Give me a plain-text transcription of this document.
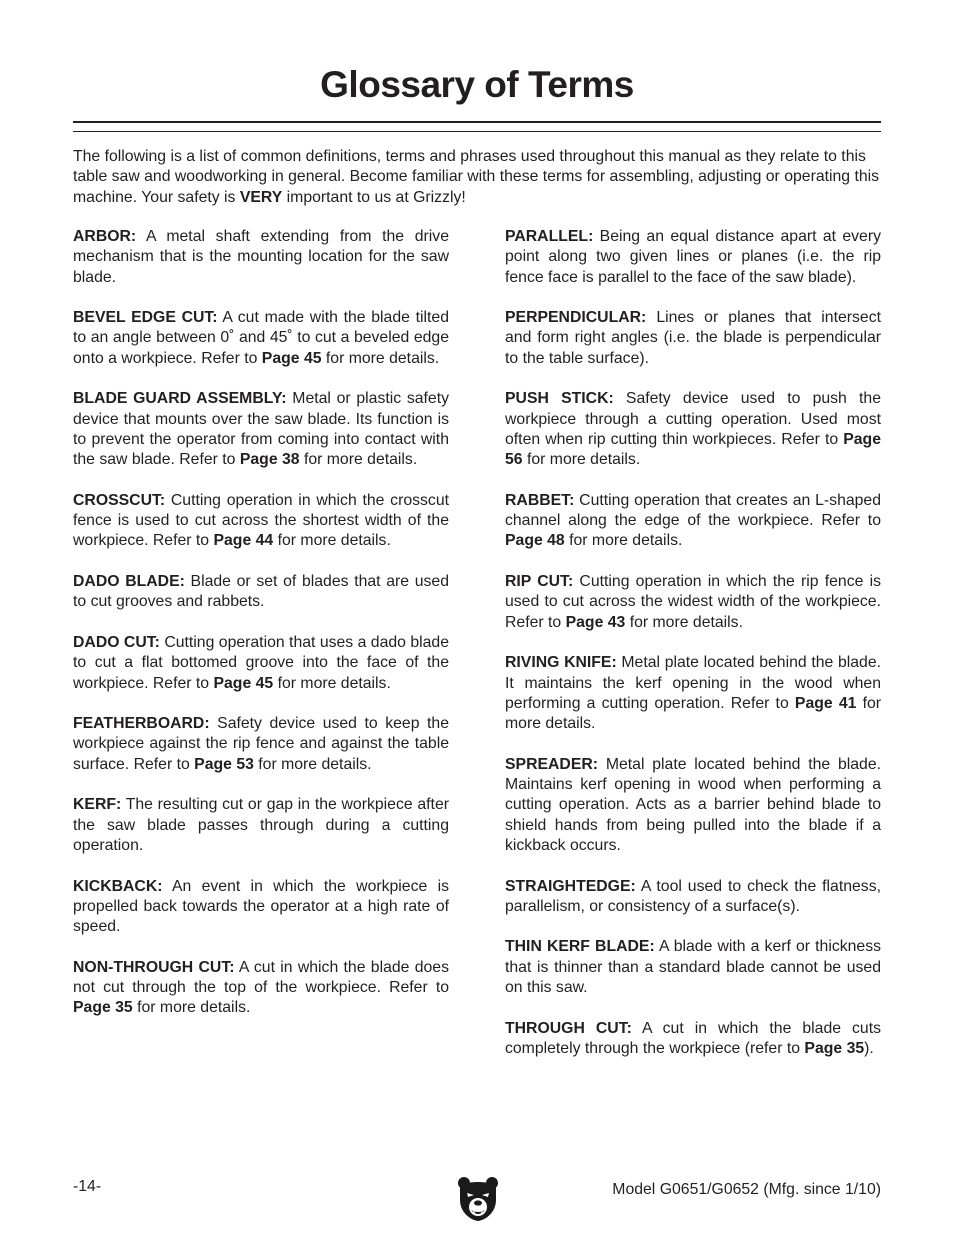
Glossary of Terms

The following is a list of common definitions, terms and phrases used throughout this manual as they relate to this table saw and woodworking in general. Become familiar with these terms for assembling, adjusting or operating this machine. Your safety is VERY important to us at Grizzly!

ARBOR: A metal shaft extending from the drive mechanism that is the mounting location for the saw blade.

BEVEL EDGE CUT: A cut made with the blade tilted to an angle between 0˚ and 45˚ to cut a beveled edge onto a workpiece. Refer to Page 45 for more details.

BLADE GUARD ASSEMBLY: Metal or plastic safety device that mounts over the saw blade. Its function is to prevent the operator from coming into contact with the saw blade. Refer to Page 38 for more details.

CROSSCUT: Cutting operation in which the crosscut fence is used to cut across the shortest width of the workpiece. Refer to Page 44 for more details.

DADO BLADE: Blade or set of blades that are used to cut grooves and rabbets.

DADO CUT: Cutting operation that uses a dado blade to cut a flat bottomed groove into the face of the workpiece. Refer to Page 45 for more details.

FEATHERBOARD: Safety device used to keep the workpiece against the rip fence and against the table surface. Refer to Page 53 for more details.

KERF: The resulting cut or gap in the workpiece after the saw blade passes through during a cutting operation.

KICKBACK: An event in which the workpiece is propelled back towards the operator at a high rate of speed.

NON-THROUGH CUT: A cut in which the blade does not cut through the top of the workpiece. Refer to Page 35 for more details.

PARALLEL: Being an equal distance apart at every point along two given lines or planes (i.e. the rip fence face is parallel to the face of the saw blade).

PERPENDICULAR: Lines or planes that intersect and form right angles (i.e. the blade is perpendicular to the table surface).

PUSH STICK: Safety device used to push the workpiece through a cutting operation. Used most often when rip cutting thin workpieces. Refer to Page 56 for more details.

RABBET: Cutting operation that creates an L-shaped channel along the edge of the workpiece. Refer to Page 48 for more details.

RIP CUT: Cutting operation in which the rip fence is used to cut across the widest width of the workpiece. Refer to Page 43 for more details.

RIVING KNIFE: Metal plate located behind the blade. It maintains the kerf opening in the wood when performing a cutting operation. Refer to Page 41 for more details.

SPREADER: Metal plate located behind the blade. Maintains kerf opening in wood when performing a cutting operation. Acts as a barrier behind blade to shield hands from being pulled into the blade if a kickback occurs.

STRAIGHTEDGE: A tool used to check the flatness, parallelism, or consistency of a surface(s).

THIN KERF BLADE: A blade with a kerf or thickness that is thinner than a standard blade cannot be used on this saw.

THROUGH CUT: A cut in which the blade cuts completely through the workpiece (refer to Page 35).

-14-	Model G0651/G0652 (Mfg. since 1/10)
